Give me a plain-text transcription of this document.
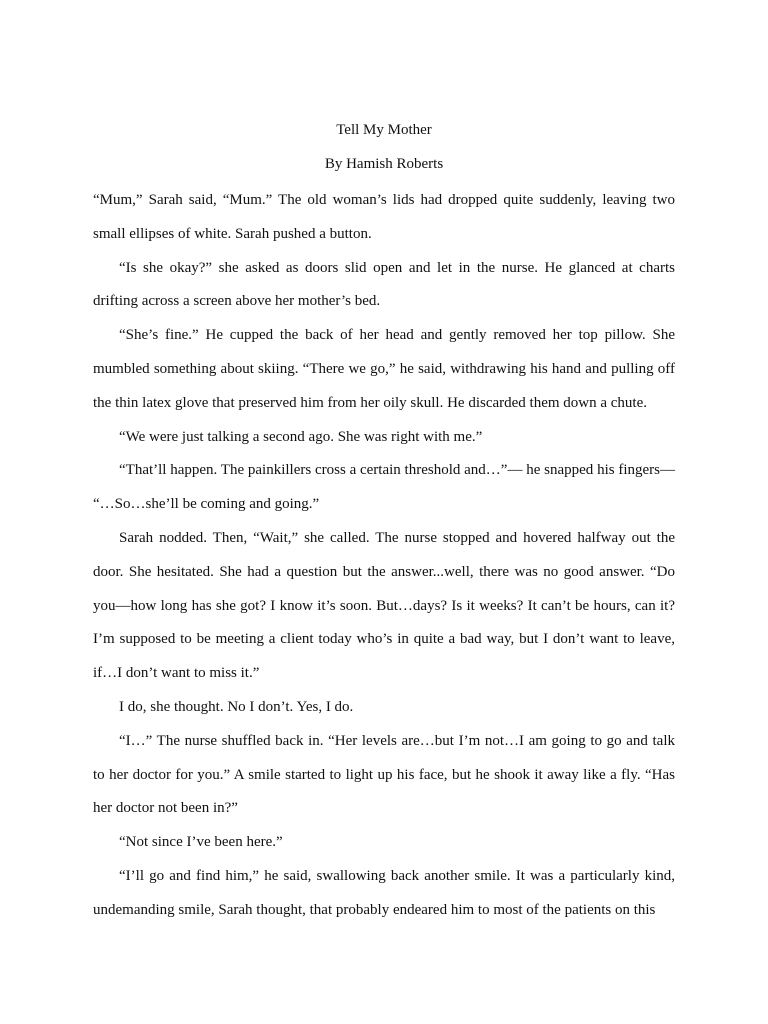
Tell My Mother
By Hamish Roberts

“Mum,” Sarah said, “Mum.” The old woman’s lids had dropped quite suddenly, leaving two small ellipses of white. Sarah pushed a button.

“Is she okay?” she asked as doors slid open and let in the nurse. He glanced at charts drifting across a screen above her mother’s bed.

“She’s fine.” He cupped the back of her head and gently removed her top pillow. She mumbled something about skiing. “There we go,” he said, withdrawing his hand and pulling off the thin latex glove that preserved him from her oily skull. He discarded them down a chute.

“We were just talking a second ago. She was right with me.”

“That’ll happen. The painkillers cross a certain threshold and…”— he snapped his fingers— “…So…she’ll be coming and going.”

Sarah nodded. Then, “Wait,” she called. The nurse stopped and hovered halfway out the door. She hesitated. She had a question but the answer...well, there was no good answer. “Do you—how long has she got? I know it’s soon. But…days? Is it weeks? It can’t be hours, can it? I’m supposed to be meeting a client today who’s in quite a bad way, but I don’t want to leave, if…I don’t want to miss it.”

I do, she thought. No I don’t. Yes, I do.

“I…” The nurse shuffled back in. “Her levels are…but I’m not…I am going to go and talk to her doctor for you.” A smile started to light up his face, but he shook it away like a fly. “Has her doctor not been in?”

“Not since I’ve been here.”

“I’ll go and find him,” he said, swallowing back another smile. It was a particularly kind, undemanding smile, Sarah thought, that probably endeared him to most of the patients on this
